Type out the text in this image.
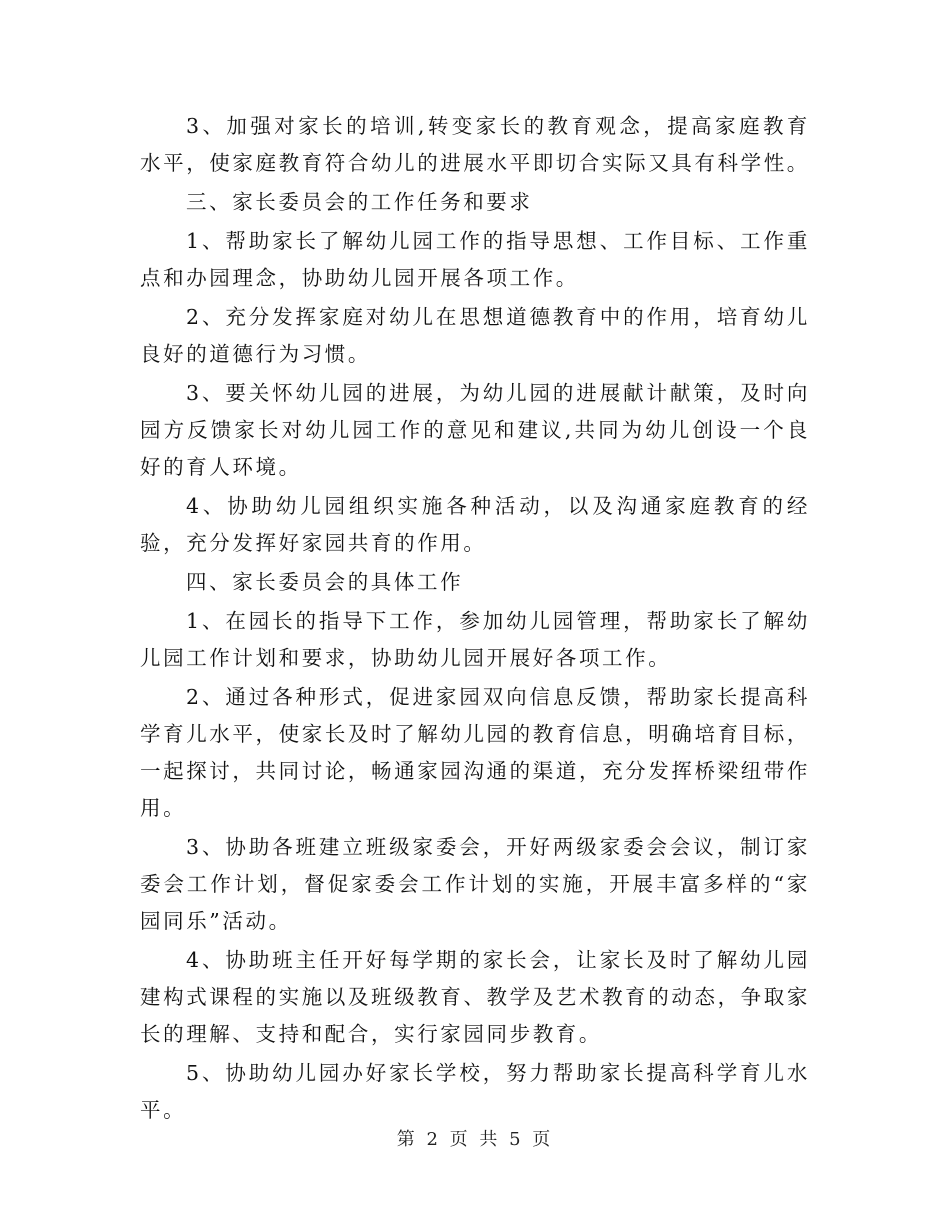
3、加强对家长的培训,转变家长的教育观念，提高家庭教育水平，使家庭教育符合幼儿的进展水平即切合实际又具有科学性。

三、家长委员会的工作任务和要求

1、帮助家长了解幼儿园工作的指导思想、工作目标、工作重点和办园理念，协助幼儿园开展各项工作。

2、充分发挥家庭对幼儿在思想道德教育中的作用，培育幼儿良好的道德行为习惯。

3、要关怀幼儿园的进展，为幼儿园的进展献计献策，及时向园方反馈家长对幼儿园工作的意见和建议,共同为幼儿创设一个良好的育人环境。

4、协助幼儿园组织实施各种活动，以及沟通家庭教育的经验，充分发挥好家园共育的作用。

四、家长委员会的具体工作

1、在园长的指导下工作，参加幼儿园管理，帮助家长了解幼儿园工作计划和要求，协助幼儿园开展好各项工作。

2、通过各种形式，促进家园双向信息反馈，帮助家长提高科学育儿水平，使家长及时了解幼儿园的教育信息，明确培育目标，一起探讨，共同讨论，畅通家园沟通的渠道，充分发挥桥梁纽带作用。

3、协助各班建立班级家委会，开好两级家委会会议，制订家委会工作计划，督促家委会工作计划的实施，开展丰富多样的“家园同乐”活动。

4、协助班主任开好每学期的家长会，让家长及时了解幼儿园建构式课程的实施以及班级教育、教学及艺术教育的动态，争取家长的理解、支持和配合，实行家园同步教育。

5、协助幼儿园办好家长学校，努力帮助家长提高科学育儿水平。

第 2 页 共 5 页
